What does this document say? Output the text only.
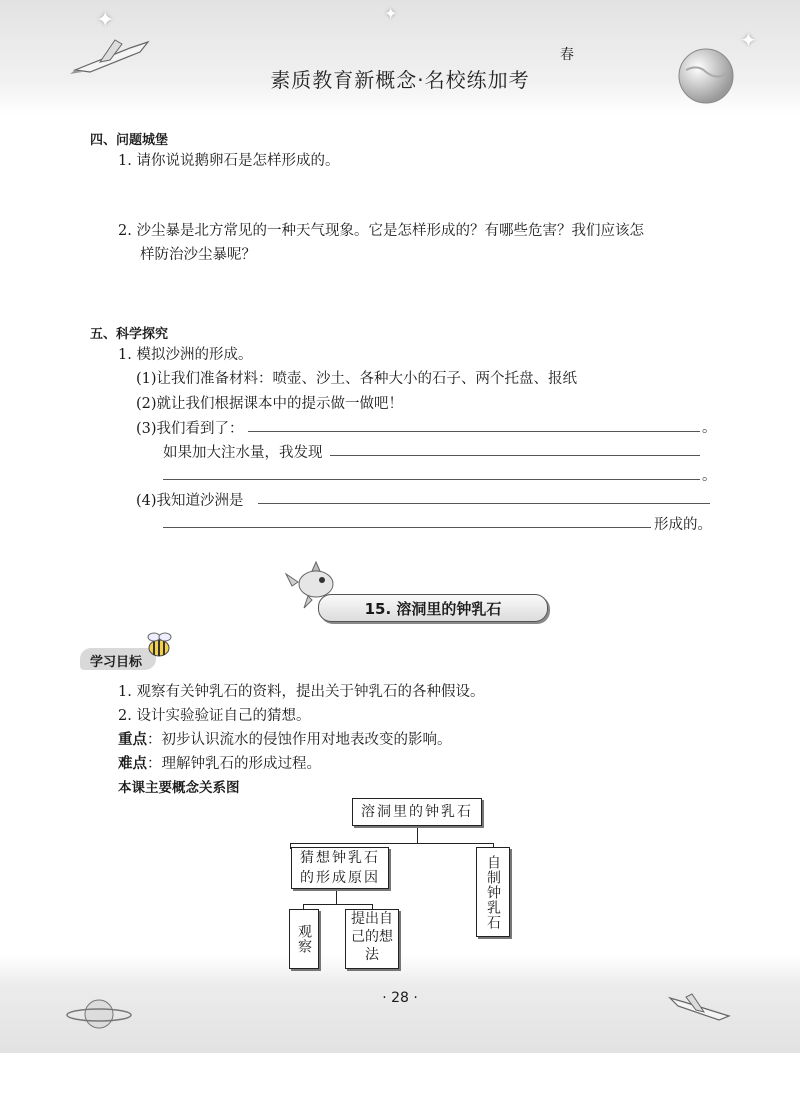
✦	✦
✦
春
素质教育新概念·名校练加考
四、问题城堡
1. 请你说说鹅卵石是怎样形成的。
2. 沙尘暴是北方常见的一种天气现象。它是怎样形成的？有哪些危害？我们应该怎
样防治沙尘暴呢？
五、科学探究
1. 模拟沙洲的形成。
(1)让我们准备材料：喷壶、沙土、各种大小的石子、两个托盘、报纸
(2)就让我们根据课本中的提示做一做吧！
(3)我们看到了：	。
如果加大注水量，我发现
。
(4)我知道沙洲是
形成的。
15. 溶洞里的钟乳石
学习目标
1. 观察有关钟乳石的资料，提出关于钟乳石的各种假设。
2. 设计实验验证自己的猜想。
重点：初步认识流水的侵蚀作用对地表改变的影响。
难点：理解钟乳石的形成过程。
本课主要概念关系图
溶洞里的钟乳石
猜想钟乳石
的形成原因	自制钟乳石
观察
提出自
己的想
法
· 28 ·
